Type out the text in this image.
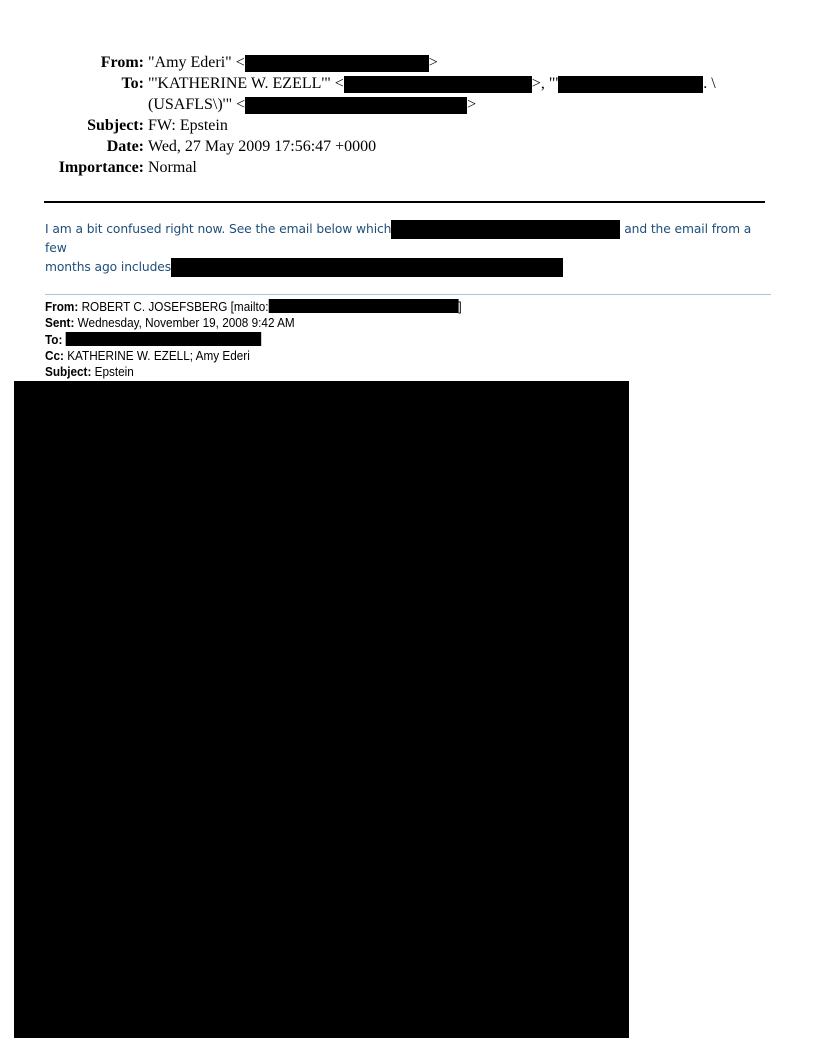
From: "Amy Ederi" <	>
To: "'KATHERINE W. EZELL'" <	>, "'	. \
(USAFLS\)'" <	>
Subject: FW: Epstein
Date: Wed, 27 May 2009 17:56:47 +0000
Importance: Normal
I am a bit confused right now. See the email below which	and the email from a few
months ago includes
From: ROBERT C. JOSEFSBERG [mailto:	]
Sent: Wednesday, November 19, 2008 9:42 AM
To:
Cc: KATHERINE W. EZELL; Amy Ederi
Subject: Epstein
